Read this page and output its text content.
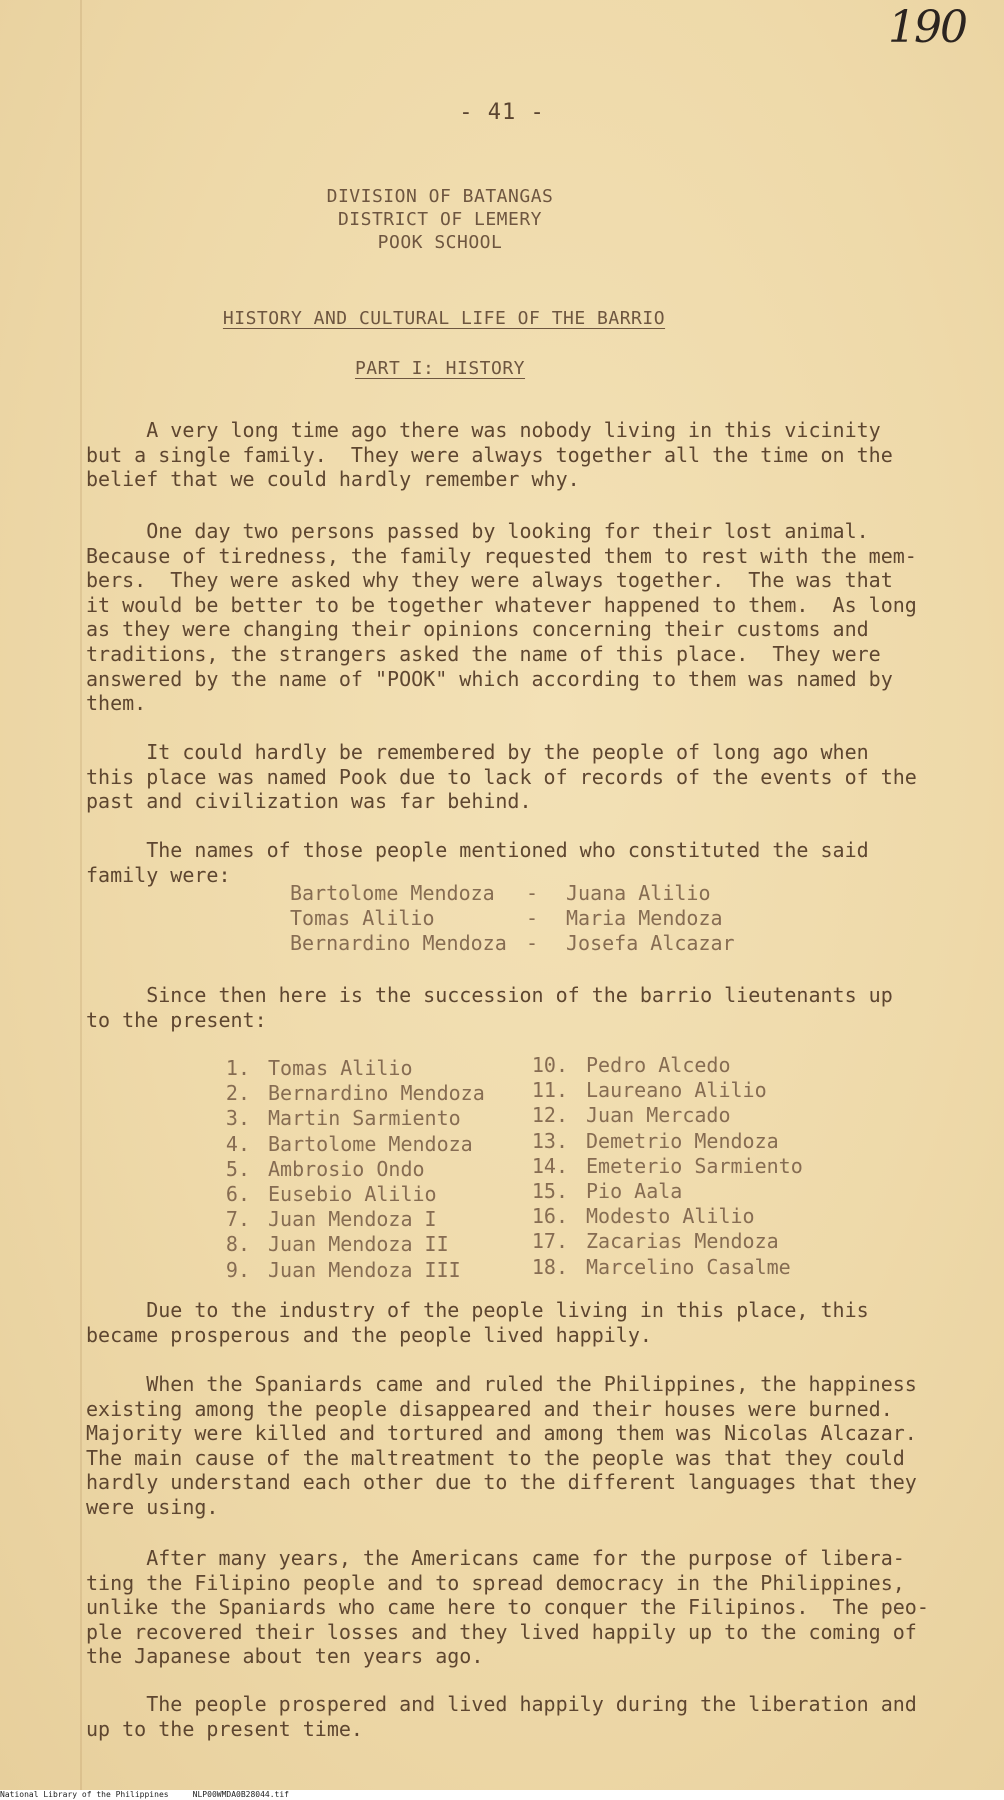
190
- 41 -
DIVISION OF BATANGAS
DISTRICT OF LEMERY
POOK SCHOOL
HISTORY AND CULTURAL LIFE OF THE BARRIO
PART I: HISTORY
A very long time ago there was nobody living in this vicinity
but a single family.  They were always together all the time on the
belief that we could hardly remember why.
One day two persons passed by looking for their lost animal.
Because of tiredness, the family requested them to rest with the mem-
bers.  They were asked why they were always together.  The was that
it would be better to be together whatever happened to them.  As long
as they were changing their opinions concerning their customs and
traditions, the strangers asked the name of this place.  They were
answered by the name of "POOK" which according to them was named by
them.
It could hardly be remembered by the people of long ago when
this place was named Pook due to lack of records of the events of the
past and civilization was far behind.
The names of those people mentioned who constituted the said
family were:
Bartolome Mendoza - Juana Alilio
Tomas Alilio	- Maria Mendoza
Bernardino Mendoza - Josefa Alcazar
Since then here is the succession of the barrio lieutenants up
to the present:
1. Tomas Alilio
2. Bernardino Mendoza
3. Martin Sarmiento
4. Bartolome Mendoza
5. Ambrosio Ondo
6. Eusebio Alilio
7. Juan Mendoza I
8. Juan Mendoza II
9. Juan Mendoza III
10. Pedro Alcedo
11. Laureano Alilio
12. Juan Mercado
13. Demetrio Mendoza
14. Emeterio Sarmiento
15. Pio Aala
16. Modesto Alilio
17. Zacarias Mendoza
18. Marcelino Casalme
Due to the industry of the people living in this place, this
became prosperous and the people lived happily.
When the Spaniards came and ruled the Philippines, the happiness
existing among the people disappeared and their houses were burned.
Majority were killed and tortured and among them was Nicolas Alcazar.
The main cause of the maltreatment to the people was that they could
hardly understand each other due to the different languages that they
were using.
After many years, the Americans came for the purpose of libera-
ting the Filipino people and to spread democracy in the Philippines,
unlike the Spaniards who came here to conquer the Filipinos.  The peo-
ple recovered their losses and they lived happily up to the coming of
the Japanese about ten years ago.
The people prospered and lived happily during the liberation and
up to the present time.
National Library of the Philippines	NLP00WMDA0B28044.tif
